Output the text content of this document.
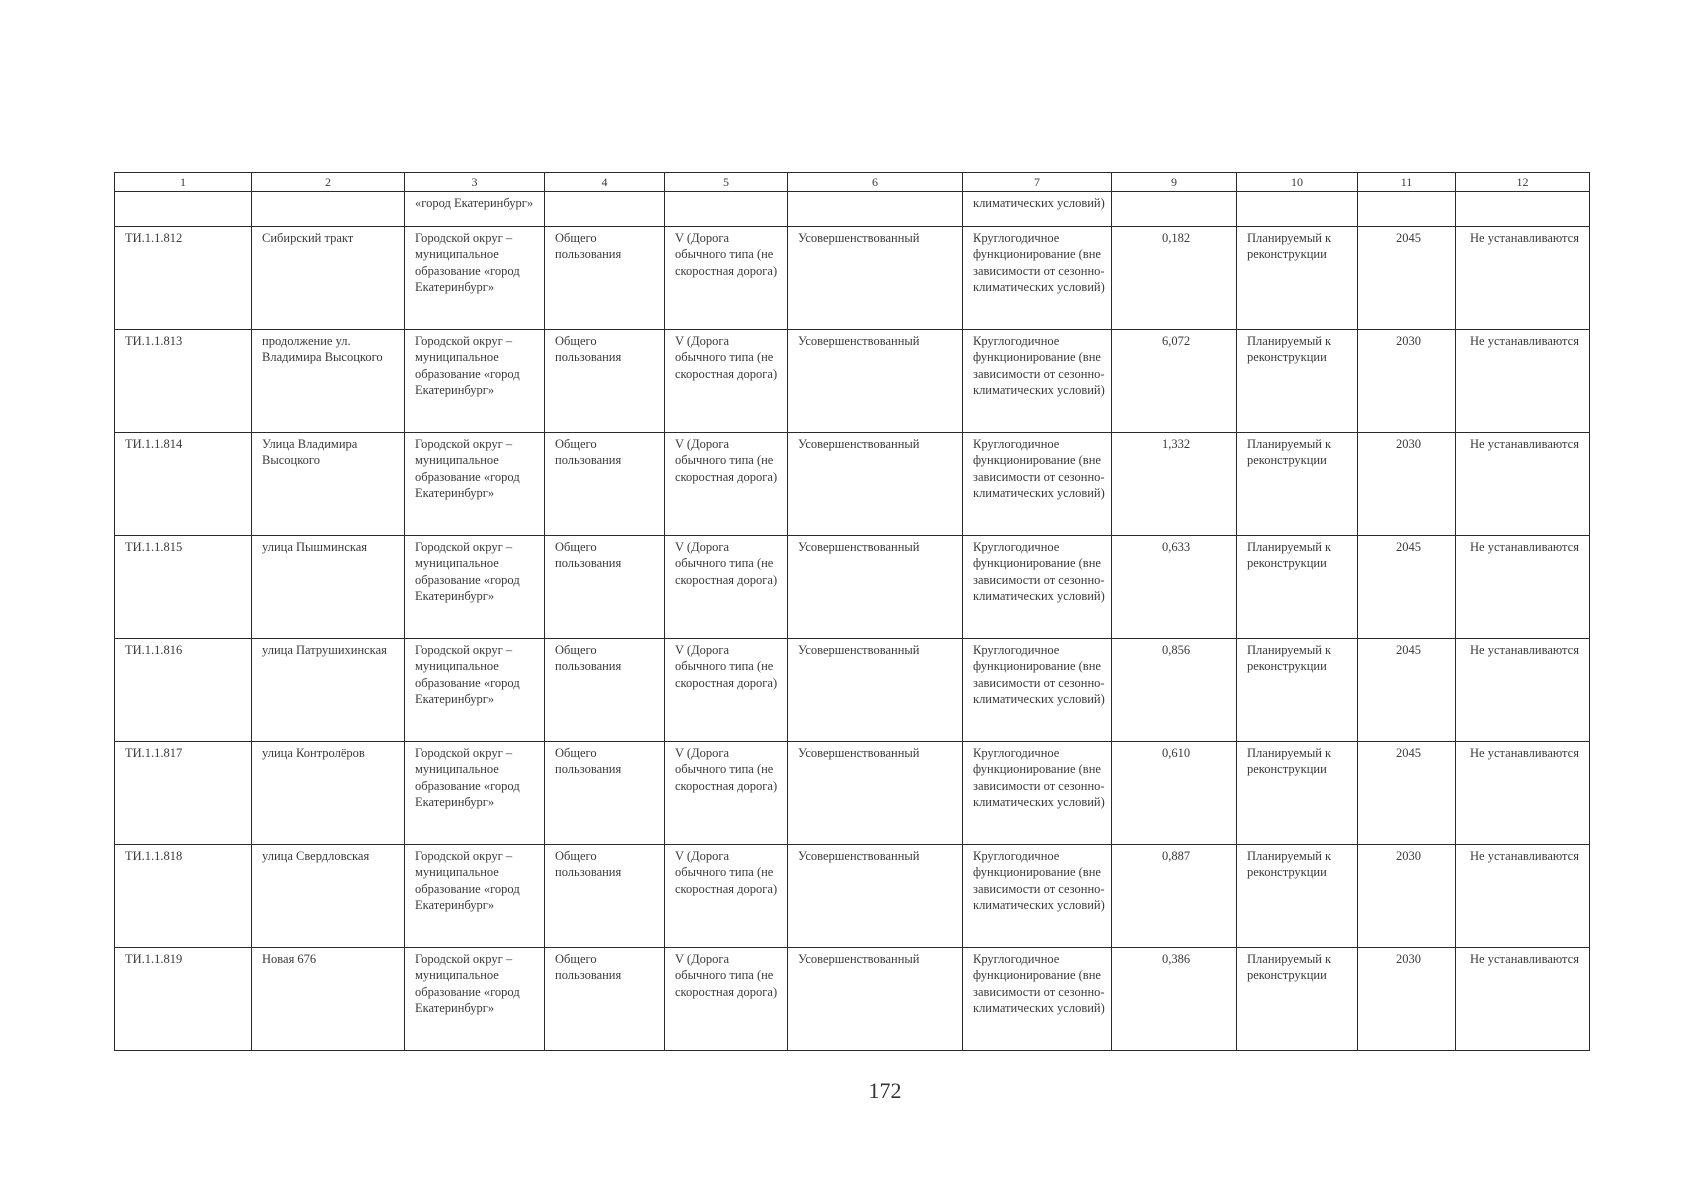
1	2	3	4	5	6	7	9	10	11	12
		«город Екатеринбург»				климатических условий)				
ТИ.1.1.812	Сибирский тракт	Городской округ – муниципальное образование «город Екатеринбург»	Общего пользования	V (Дорога обычного типа (не скоростная дорога)	Усовершенствованный	Круглогодичное функционирование (вне зависимости от сезонно-климатических условий)	0,182	Планируемый к реконструкции	2045	Не устанавливаются
ТИ.1.1.813	продолжение ул. Владимира Высоцкого	Городской округ – муниципальное образование «город Екатеринбург»	Общего пользования	V (Дорога обычного типа (не скоростная дорога)	Усовершенствованный	Круглогодичное функционирование (вне зависимости от сезонно-климатических условий)	6,072	Планируемый к реконструкции	2030	Не устанавливаются
ТИ.1.1.814	Улица Владимира Высоцкого	Городской округ – муниципальное образование «город Екатеринбург»	Общего пользования	V (Дорога обычного типа (не скоростная дорога)	Усовершенствованный	Круглогодичное функционирование (вне зависимости от сезонно-климатических условий)	1,332	Планируемый к реконструкции	2030	Не устанавливаются
ТИ.1.1.815	улица Пышминская	Городской округ – муниципальное образование «город Екатеринбург»	Общего пользования	V (Дорога обычного типа (не скоростная дорога)	Усовершенствованный	Круглогодичное функционирование (вне зависимости от сезонно-климатических условий)	0,633	Планируемый к реконструкции	2045	Не устанавливаются
ТИ.1.1.816	улица Патрушихинская	Городской округ – муниципальное образование «город Екатеринбург»	Общего пользования	V (Дорога обычного типа (не скоростная дорога)	Усовершенствованный	Круглогодичное функционирование (вне зависимости от сезонно-климатических условий)	0,856	Планируемый к реконструкции	2045	Не устанавливаются
ТИ.1.1.817	улица Контролёров	Городской округ – муниципальное образование «город Екатеринбург»	Общего пользования	V (Дорога обычного типа (не скоростная дорога)	Усовершенствованный	Круглогодичное функционирование (вне зависимости от сезонно-климатических условий)	0,610	Планируемый к реконструкции	2045	Не устанавливаются
ТИ.1.1.818	улица Свердловская	Городской округ – муниципальное образование «город Екатеринбург»	Общего пользования	V (Дорога обычного типа (не скоростная дорога)	Усовершенствованный	Круглогодичное функционирование (вне зависимости от сезонно-климатических условий)	0,887	Планируемый к реконструкции	2030	Не устанавливаются
ТИ.1.1.819	Новая 676	Городской округ – муниципальное образование «город Екатеринбург»	Общего пользования	V (Дорога обычного типа (не скоростная дорога)	Усовершенствованный	Круглогодичное функционирование (вне зависимости от сезонно-климатических условий)	0,386	Планируемый к реконструкции	2030	Не устанавливаются
172
